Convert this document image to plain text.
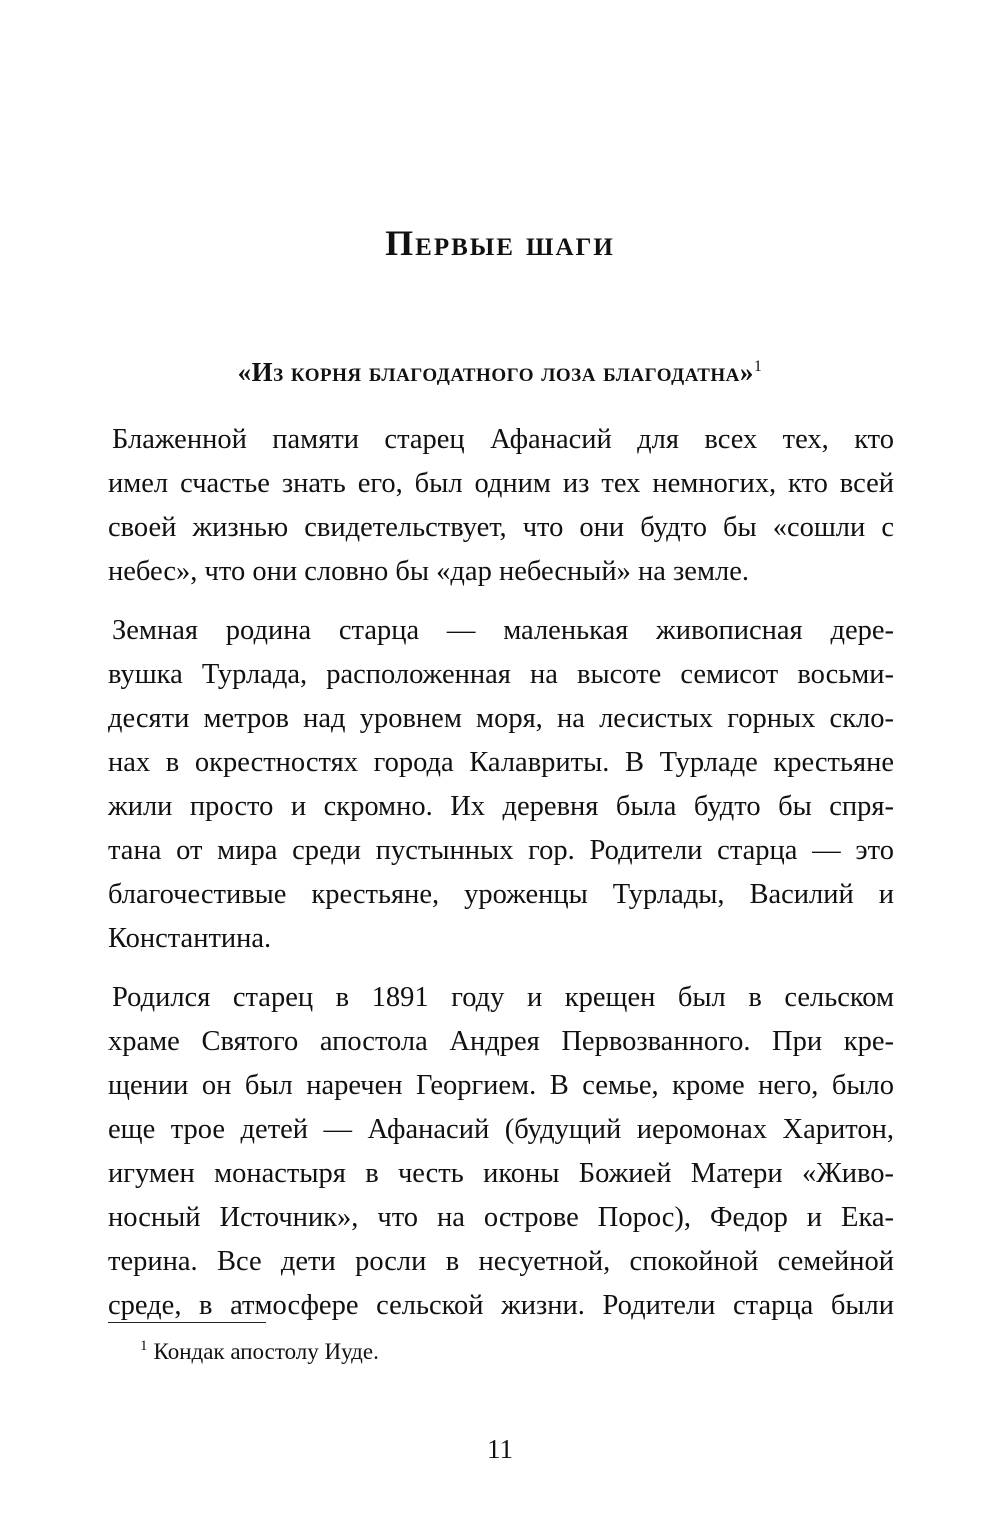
Первые шаги
«Из корня благодатного лоза благодатна»$^1$

Блаженной памяти старец Афанасий для всех тех, кто
имел счастье знать его, был одним из тех немногих, кто всей
своей жизнью свидетельствует, что они будто бы «сошли с
небес», что они словно бы «дар небесный» на земле.

Земная родина старца — маленькая живописная дере-
вушка Турлада, расположенная на высоте семисот восьми-
десяти метров над уровнем моря, на лесистых горных скло-
нах в окрестностях города Калавриты. В Турладе крестьяне
жили просто и скромно. Их деревня была будто бы спря-
тана от мира среди пустынных гор. Родители старца — это
благочестивые крестьяне, уроженцы Турлады, Василий и
Константина.

Родился старец в 1891 году и крещен был в сельском
храме Святого апостола Андрея Первозванного. При кре-
щении он был наречен Георгием. В семье, кроме него, было
еще трое детей — Афанасий (будущий иеромонах Харитон,
игумен монастыря в честь иконы Божией Матери «Живо-
носный Источник», что на острове Порос), Федор и Ека-
терина. Все дети росли в несуетной, спокойной семейной
среде, в атмосфере сельской жизни. Родители старца были

$^1$ Кондак апостолу Иуде.

11
